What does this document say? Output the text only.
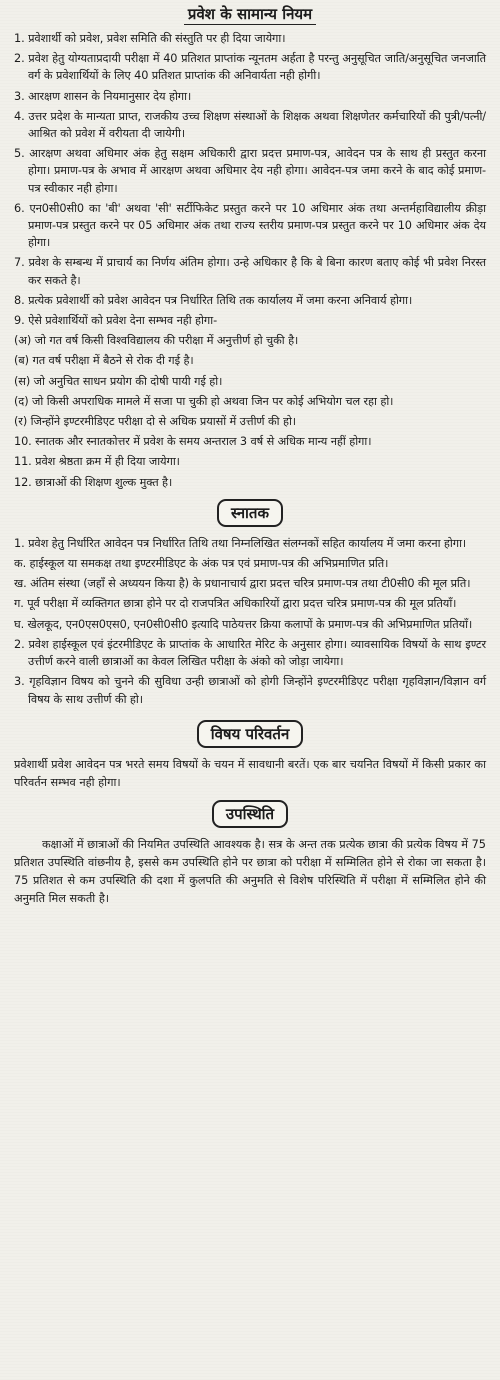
प्रवेश के सामान्य नियम

1. प्रवेशार्थी को प्रवेश, प्रवेश समिति की संस्तुति पर ही दिया जायेगा।

2. प्रवेश हेतु योग्यताप्रदायी परीक्षा में 40 प्रतिशत प्राप्तांक न्यूनतम अर्हता है परन्तु अनुसूचित जाति/अनुसूचित जनजाति वर्ग के प्रवेशार्थियों के लिए 40 प्रतिशत प्राप्तांक की अनिवार्यता नही होगी।

3. आरक्षण शासन के नियमानुसार देय होगा।

4. उत्तर प्रदेश के मान्यता प्राप्त, राजकीय उच्च शिक्षण संस्थाओं के शिक्षक अथवा शिक्षणेतर कर्मचारियों की पुत्री/पत्नी/आश्रित को प्रवेश में वरीयता दी जायेगी।

5. आरक्षण अथवा अधिमार अंक हेतु सक्षम अधिकारी द्वारा प्रदत्त प्रमाण-पत्र, आवेदन पत्र के साथ ही प्रस्तुत करना होगा। प्रमाण-पत्र के अभाव में आरक्षण अथवा अधिमार देय नही होगा। आवेदन-पत्र जमा करने के बाद कोई प्रमाण-पत्र स्वीकार नही होगा।

6. एन0सी0सी0 का 'बी' अथवा 'सी' सर्टीफिकेट प्रस्तुत करने पर 10 अधिमार अंक तथा अन्तर्महाविद्यालीय क्रीड़ा प्रमाण-पत्र प्रस्तुत करने पर 05 अधिमार अंक तथा राज्य स्तरीय प्रमाण-पत्र प्रस्तुत करने पर 10 अधिमार अंक देय होगा।

7. प्रवेश के सम्बन्ध में प्राचार्य का निर्णय अंतिम होगा। उन्हे अधिकार है कि बे बिना कारण बताए कोई भी प्रवेश निरस्त कर सकते है।

8. प्रत्येक प्रवेशार्थी को प्रवेश आवेदन पत्र निर्धारित तिथि तक कार्यालय में जमा करना अनिवार्य होगा।

9. ऐसे प्रवेशार्थियों को प्रवेश देना सम्भव नही होगा-

(अ) जो गत वर्ष किसी विश्वविद्यालय की परीक्षा में अनुत्तीर्ण हो चुकी है।

(ब) गत वर्ष परीक्षा में बैठने से रोक दी गई है।

(स) जो अनुचित साधन प्रयोग की दोषी पायी गई हो।

(द) जो किसी अपराधिक मामले में सजा पा चुकी हो अथवा जिन पर कोई अभियोग चल रहा हो।

(र) जिन्होंने इण्टरमीडिएट परीक्षा दो से अधिक प्रयासों में उत्तीर्ण की हो।

10. स्नातक और स्नातकोत्तर में प्रवेश के समय अन्तराल 3 वर्ष से अधिक मान्य नहीं होगा।

11. प्रवेश श्रेष्ठता क्रम में ही दिया जायेगा।

12. छात्राओं की शिक्षण शुल्क मुक्त है।

स्नातक

1. प्रवेश हेतु निर्धारित आवेदन पत्र निर्धारित तिथि तथा निम्नलिखित संलग्नकों सहित कार्यालय में जमा करना होगा।

क. हाईस्कूल या समकक्ष तथा इण्टरमीडिएट के अंक पत्र एवं प्रमाण-पत्र की अभिप्रमाणित प्रति।

ख. अंतिम संस्था (जहाँ से अध्ययन किया है) के प्रधानाचार्य द्वारा प्रदत्त चरित्र प्रमाण-पत्र तथा टी0सी0 की मूल प्रति।

ग. पूर्व परीक्षा में व्यक्तिगत छात्रा होने पर दो राजपत्रित अधिकारियों द्वारा प्रदत्त चरित्र प्रमाण-पत्र की मूल प्रतियाँ।

घ. खेलकूद, एन0एस0एस0, एन0सी0सी0 इत्यादि पाठेयत्तर क्रिया कलापों के प्रमाण-पत्र की अभिप्रमाणित प्रतियाँ।

2. प्रवेश हाईस्कूल एवं इंटरमीडिएट के प्राप्तांक के आधारित मेरिट के अनुसार होगा। व्यावसायिक विषयों के साथ इण्टर उत्तीर्ण करने वाली छात्राओं का केवल लिखित परीक्षा के अंको को जोड़ा जायेगा।

3. गृहविज्ञान विषय को चुनने की सुविधा उन्ही छात्राओं को होगी जिन्होंने इण्टरमीडिएट परीक्षा गृहविज्ञान/विज्ञान वर्ग विषय के साथ उत्तीर्ण की हो।

विषय परिवर्तन

प्रवेशार्थी प्रवेश आवेदन पत्र भरते समय विषयों के चयन में सावधानी बरतें। एक बार चयनित विषयों में किसी प्रकार का परिवर्तन सम्भव नही होगा।

उपस्थिति

कक्षाओं में छात्राओं की नियमित उपस्थिति आवश्यक है। सत्र के अन्त तक प्रत्येक छात्रा की प्रत्येक विषय में 75 प्रतिशत उपस्थिति वांछनीय है, इससे कम उपस्थिति होने पर छात्रा को परीक्षा में सम्मिलित होने से रोका जा सकता है। 75 प्रतिशत से कम उपस्थिति की दशा में कुलपति की अनुमति से विशेष परिस्थिति में परीक्षा में सम्मिलित होने की अनुमति मिल सकती है।
